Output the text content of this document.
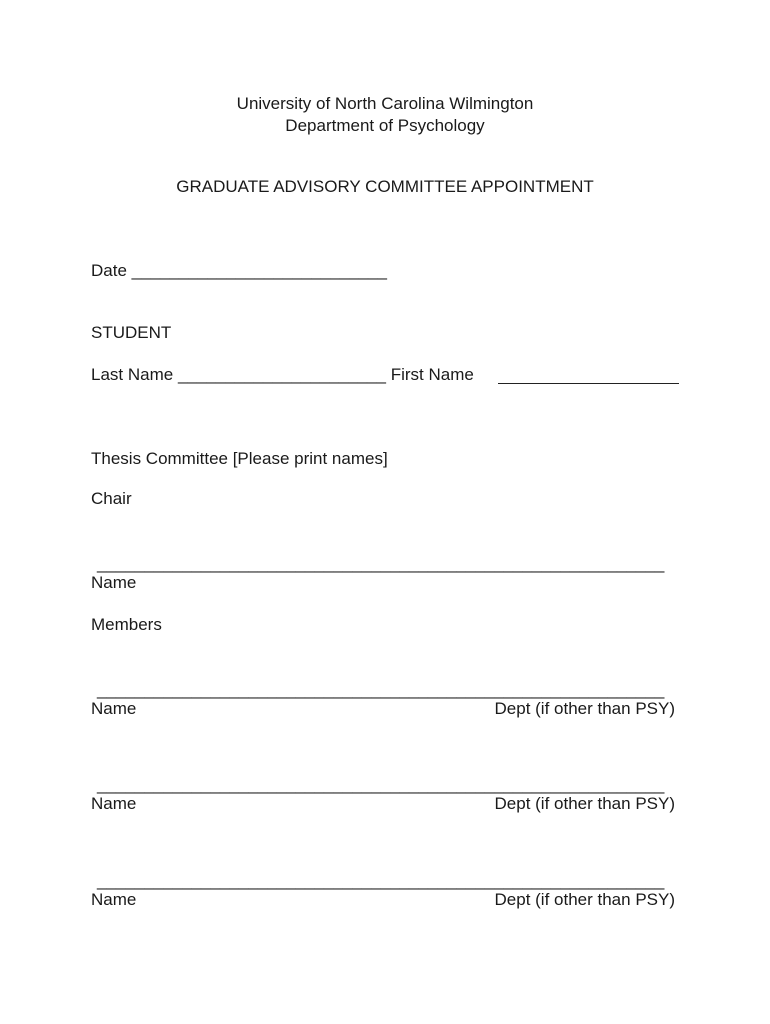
University of North Carolina Wilmington
Department of Psychology
GRADUATE ADVISORY COMMITTEE APPOINTMENT
Date ___________________________
STUDENT
Last Name ______________________ First Name
Thesis Committee [Please print names]
Chair
____________________________________________________________
Name
Members
____________________________________________________________
Name	Dept (if other than PSY)
____________________________________________________________
Name	Dept (if other than PSY)
____________________________________________________________
Name	Dept (if other than PSY)
